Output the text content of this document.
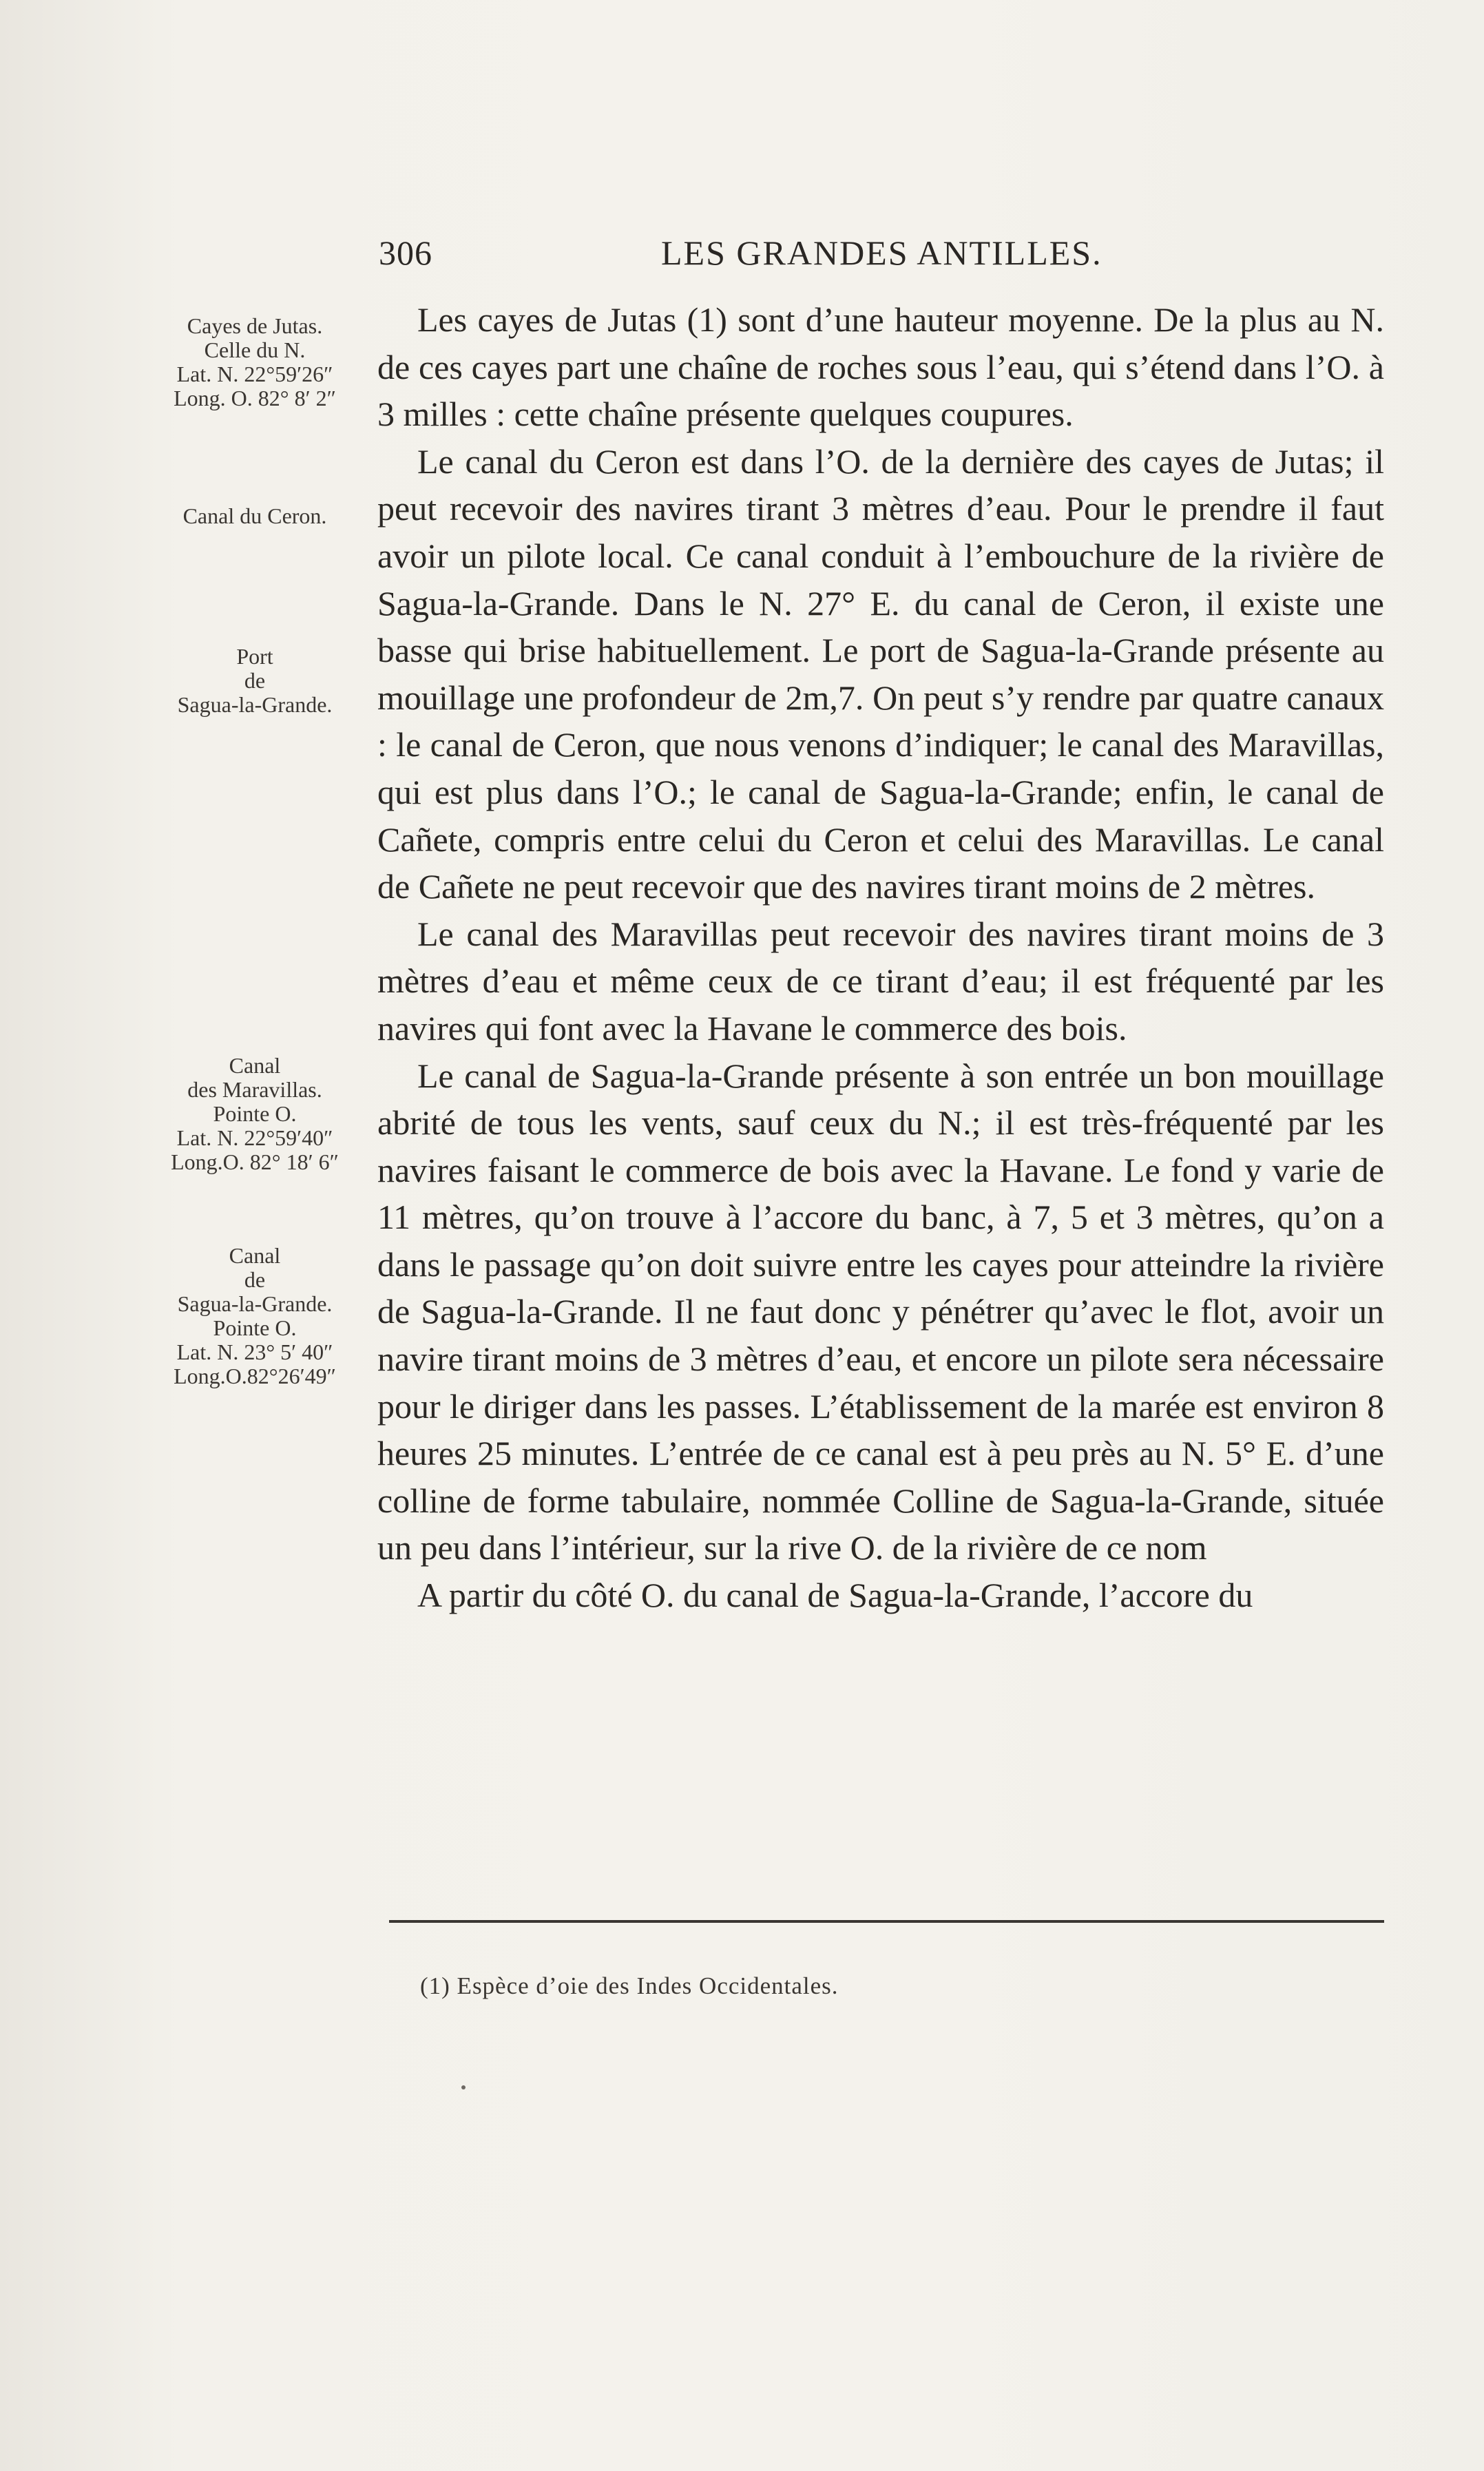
306	LES GRANDES ANTILLES.
Cayes de Jutas.
Celle du N.
Lat. N. 22°59′26″
Long. O. 82° 8′ 2″
Canal du Ceron.
Port
de
Sagua-la-Grande.
Canal
des Maravillas.
Pointe O.
Lat. N. 22°59′40″
Long.O. 82° 18′ 6″
Canal
de
Sagua-la-Grande.
Pointe O.
Lat. N. 23° 5′ 40″
Long.O.82°26′49″

Les cayes de Jutas (1) sont d’une hauteur moyenne. De la plus au N. de ces cayes part une chaîne de roches sous l’eau, qui s’étend dans l’O. à 3 milles : cette chaîne présente quelques coupures.

Le canal du Ceron est dans l’O. de la dernière des cayes de Jutas; il peut recevoir des navires tirant 3 mètres d’eau. Pour le prendre il faut avoir un pilote local. Ce canal conduit à l’embouchure de la rivière de Sagua-la-Grande. Dans le N. 27° E. du canal de Ceron, il existe une basse qui brise habituellement. Le port de Sagua-la-Grande présente au mouillage une profondeur de 2m,7. On peut s’y rendre par quatre canaux : le canal de Ceron, que nous venons d’indiquer; le canal des Maravillas, qui est plus dans l’O.; le canal de Sagua-la-Grande; enfin, le canal de Cañete, compris entre celui du Ceron et celui des Maravillas. Le canal de Cañete ne peut recevoir que des navires tirant moins de 2 mètres.

Le canal des Maravillas peut recevoir des navires tirant moins de 3 mètres d’eau et même ceux de ce tirant d’eau; il est fréquenté par les navires qui font avec la Havane le commerce des bois.

Le canal de Sagua-la-Grande présente à son entrée un bon mouillage abrité de tous les vents, sauf ceux du N.; il est très-fréquenté par les navires faisant le commerce de bois avec la Havane. Le fond y varie de 11 mètres, qu’on trouve à l’accore du banc, à 7, 5 et 3 mètres, qu’on a dans le passage qu’on doit suivre entre les cayes pour atteindre la rivière de Sagua-la-Grande. Il ne faut donc y pénétrer qu’avec le flot, avoir un navire tirant moins de 3 mètres d’eau, et encore un pilote sera nécessaire pour le diriger dans les passes. L’établissement de la marée est environ 8 heures 25 minutes. L’entrée de ce canal est à peu près au N. 5° E. d’une colline de forme tabulaire, nommée Colline de Sagua-la-Grande, située un peu dans l’intérieur, sur la rive O. de la rivière de ce nom

A partir du côté O. du canal de Sagua-la-Grande, l’accore du

(1) Espèce d’oie des Indes Occidentales.
